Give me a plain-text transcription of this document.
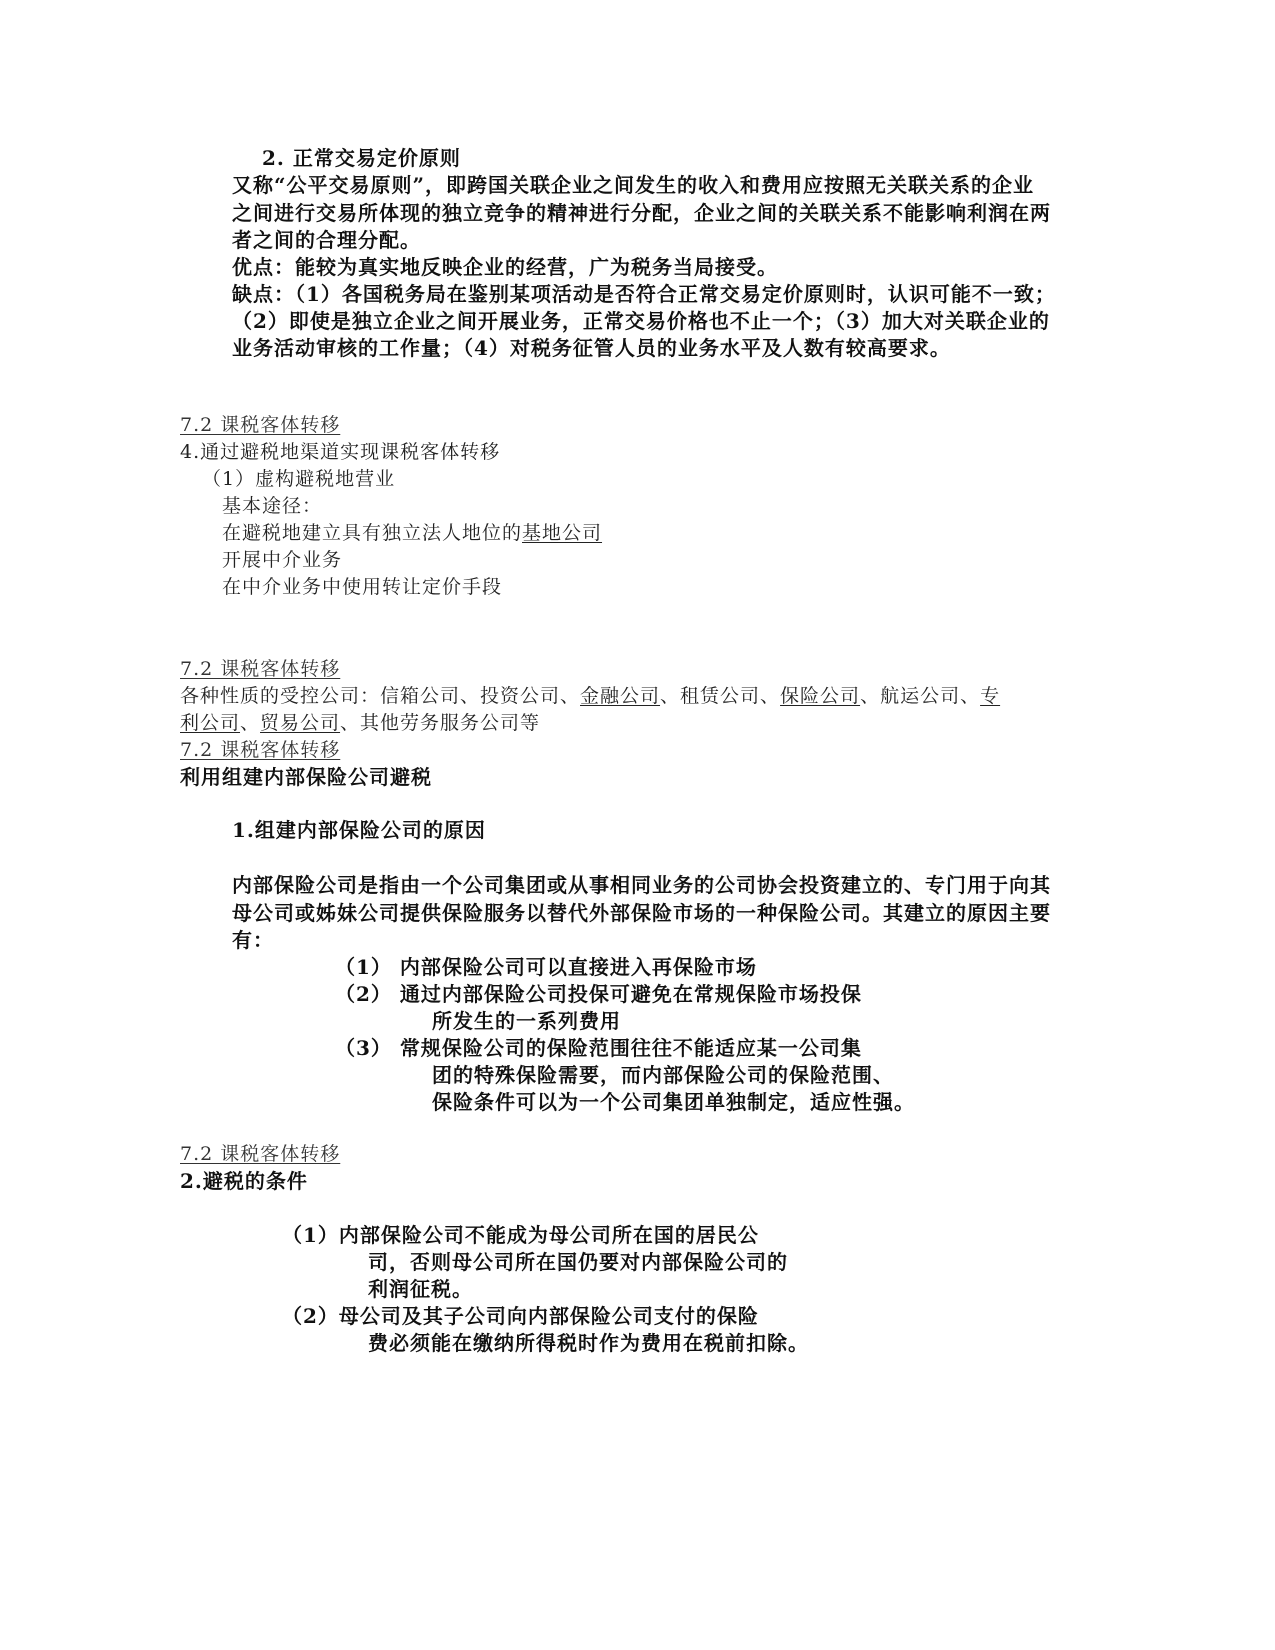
2. 正常交易定价原则
又称“公平交易原则”，即跨国关联企业之间发生的收入和费用应按照无关联关系的企业
之间进行交易所体现的独立竞争的精神进行分配，企业之间的关联关系不能影响利润在两
者之间的合理分配。
优点：能较为真实地反映企业的经营，广为税务当局接受。
缺点：（1）各国税务局在鉴别某项活动是否符合正常交易定价原则时，认识可能不一致；
（2）即使是独立企业之间开展业务，正常交易价格也不止一个；（3）加大对关联企业的
业务活动审核的工作量；（4）对税务征管人员的业务水平及人数有较高要求。
7.2 课税客体转移
4.通过避税地渠道实现课税客体转移
（1）虚构避税地营业
基本途径：
在避税地建立具有独立法人地位的基地公司
开展中介业务
在中介业务中使用转让定价手段
7.2 课税客体转移
各种性质的受控公司：信箱公司、投资公司、金融公司、租赁公司、保险公司、航运公司、专
利公司、贸易公司、其他劳务服务公司等
7.2 课税客体转移
利用组建内部保险公司避税
1.组建内部保险公司的原因
内部保险公司是指由一个公司集团或从事相同业务的公司协会投资建立的、专门用于向其
母公司或姊妹公司提供保险服务以替代外部保险市场的一种保险公司。其建立的原因主要
有：
（1） 内部保险公司可以直接进入再保险市场
（2） 通过内部保险公司投保可避免在常规保险市场投保
所发生的一系列费用
（3） 常规保险公司的保险范围往往不能适应某一公司集
团的特殊保险需要，而内部保险公司的保险范围、
保险条件可以为一个公司集团单独制定，适应性强。
7.2 课税客体转移
2.避税的条件
（1）内部保险公司不能成为母公司所在国的居民公
司，否则母公司所在国仍要对内部保险公司的
利润征税。
（2）母公司及其子公司向内部保险公司支付的保险
费必须能在缴纳所得税时作为费用在税前扣除。
